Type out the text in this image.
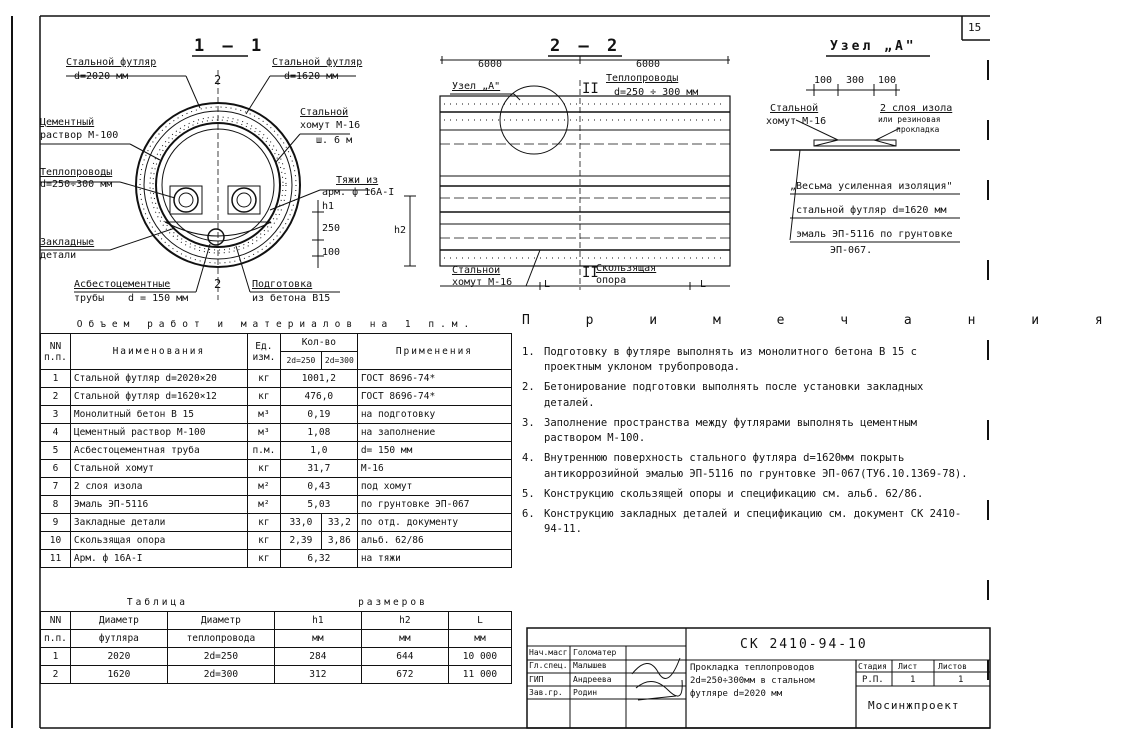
15
1 — 1
2
2
Стальной футляр
d=2020 мм
Стальной футляр
d=1620 мм
Цементный
раствор М-100
Стальной
хомут М-16
ш. 6 м
Теплопроводы
d=250÷300 мм	Тяжи из
арм. ф 16А-I
Закладные
детали
Асбестоцементные
трубы d = 150 мм
Подготовка
из бетона В15
h1
250
100
2 — 2
6000	6000
Узел „А"	II
Теплопроводы
d=250 ÷ 300 мм
h2
Стальной
хомут М-16
II
Скользящая
опора
L	L
Узел „А"
100 300 100
Стальной
хомут М-16
2 слоя изола
или резиновая
прокладка
„Весьма усиленная изоляция"
стальной футляр d=1620 мм
эмаль ЭП-5116 по грунтовке
ЭП-067.
Объем работ и материалов на 1 п.м.					
NN
п.п.	Наименования	Ед.
изм.	Кол-во		Применения
			2d=250	2d=300	
1	Стальной футляр d=2020×20	кг	1001,2		ГОСТ 8696-74*
2	Стальной футляр d=1620×12	кг	476,0		ГОСТ 8696-74*
3	Монолитный бетон В 15	м³	0,19		на подготовку
4	Цементный раствор М-100	м³	1,08		на заполнение
5	Асбестоцементная труба	п.м.	1,0		d= 150 мм
6	Стальной хомут	кг	31,7		М-16
7	2 слоя изола	м²	0,43		под хомут
8	Эмаль ЭП-5116	м²	5,03		по грунтовке ЭП-067
9	Закладные детали	кг	33,0	33,2	по отд. документу
10	Скользящая опора	кг	2,39	3,86	альб. 62/86
11	Арм. ф 16А-I	кг	6,32		на тяжи
Таблица			размеров		
NN	Диаметр	Диаметр	h1	h2	L
п.п.	футляра	теплопровода	мм	мм	мм
1	2020	2d=250	284	644	10 000
2	1620	2d=300	312	672	11 000
П р и м е ч а н и я
1. Подготовку в футляре выполнять из монолитного бетона В 15 с проектным уклоном трубопровода.
2. Бетонирование подготовки выполнять после установки закладных деталей.
3. Заполнение пространства между футлярами выполнять цементным раствором М-100.
4. Внутреннюю поверхность стального футляра d=1620мм покрыть антикоррозийной эмалью ЭП-5116 по грунтовке ЭП-067(ТУ6.10.1369-78).
5. Конструкцию скользящей опоры и спецификацию см. альб. 62/86.
6. Конструкцию закладных деталей и спецификацию см. документ СК 2410-94-11.
СК 2410-94-10
Нач.масг. Голоматер
Гл.спец. Малышев
ГИП	Андреева
Зав.гр. Родин
Прокладка теплопроводов
2d=250÷300мм в стальном
футляре d=2020 мм
Стадия Лист	Листов
Р.П.	1	1
Мосинжпроект
